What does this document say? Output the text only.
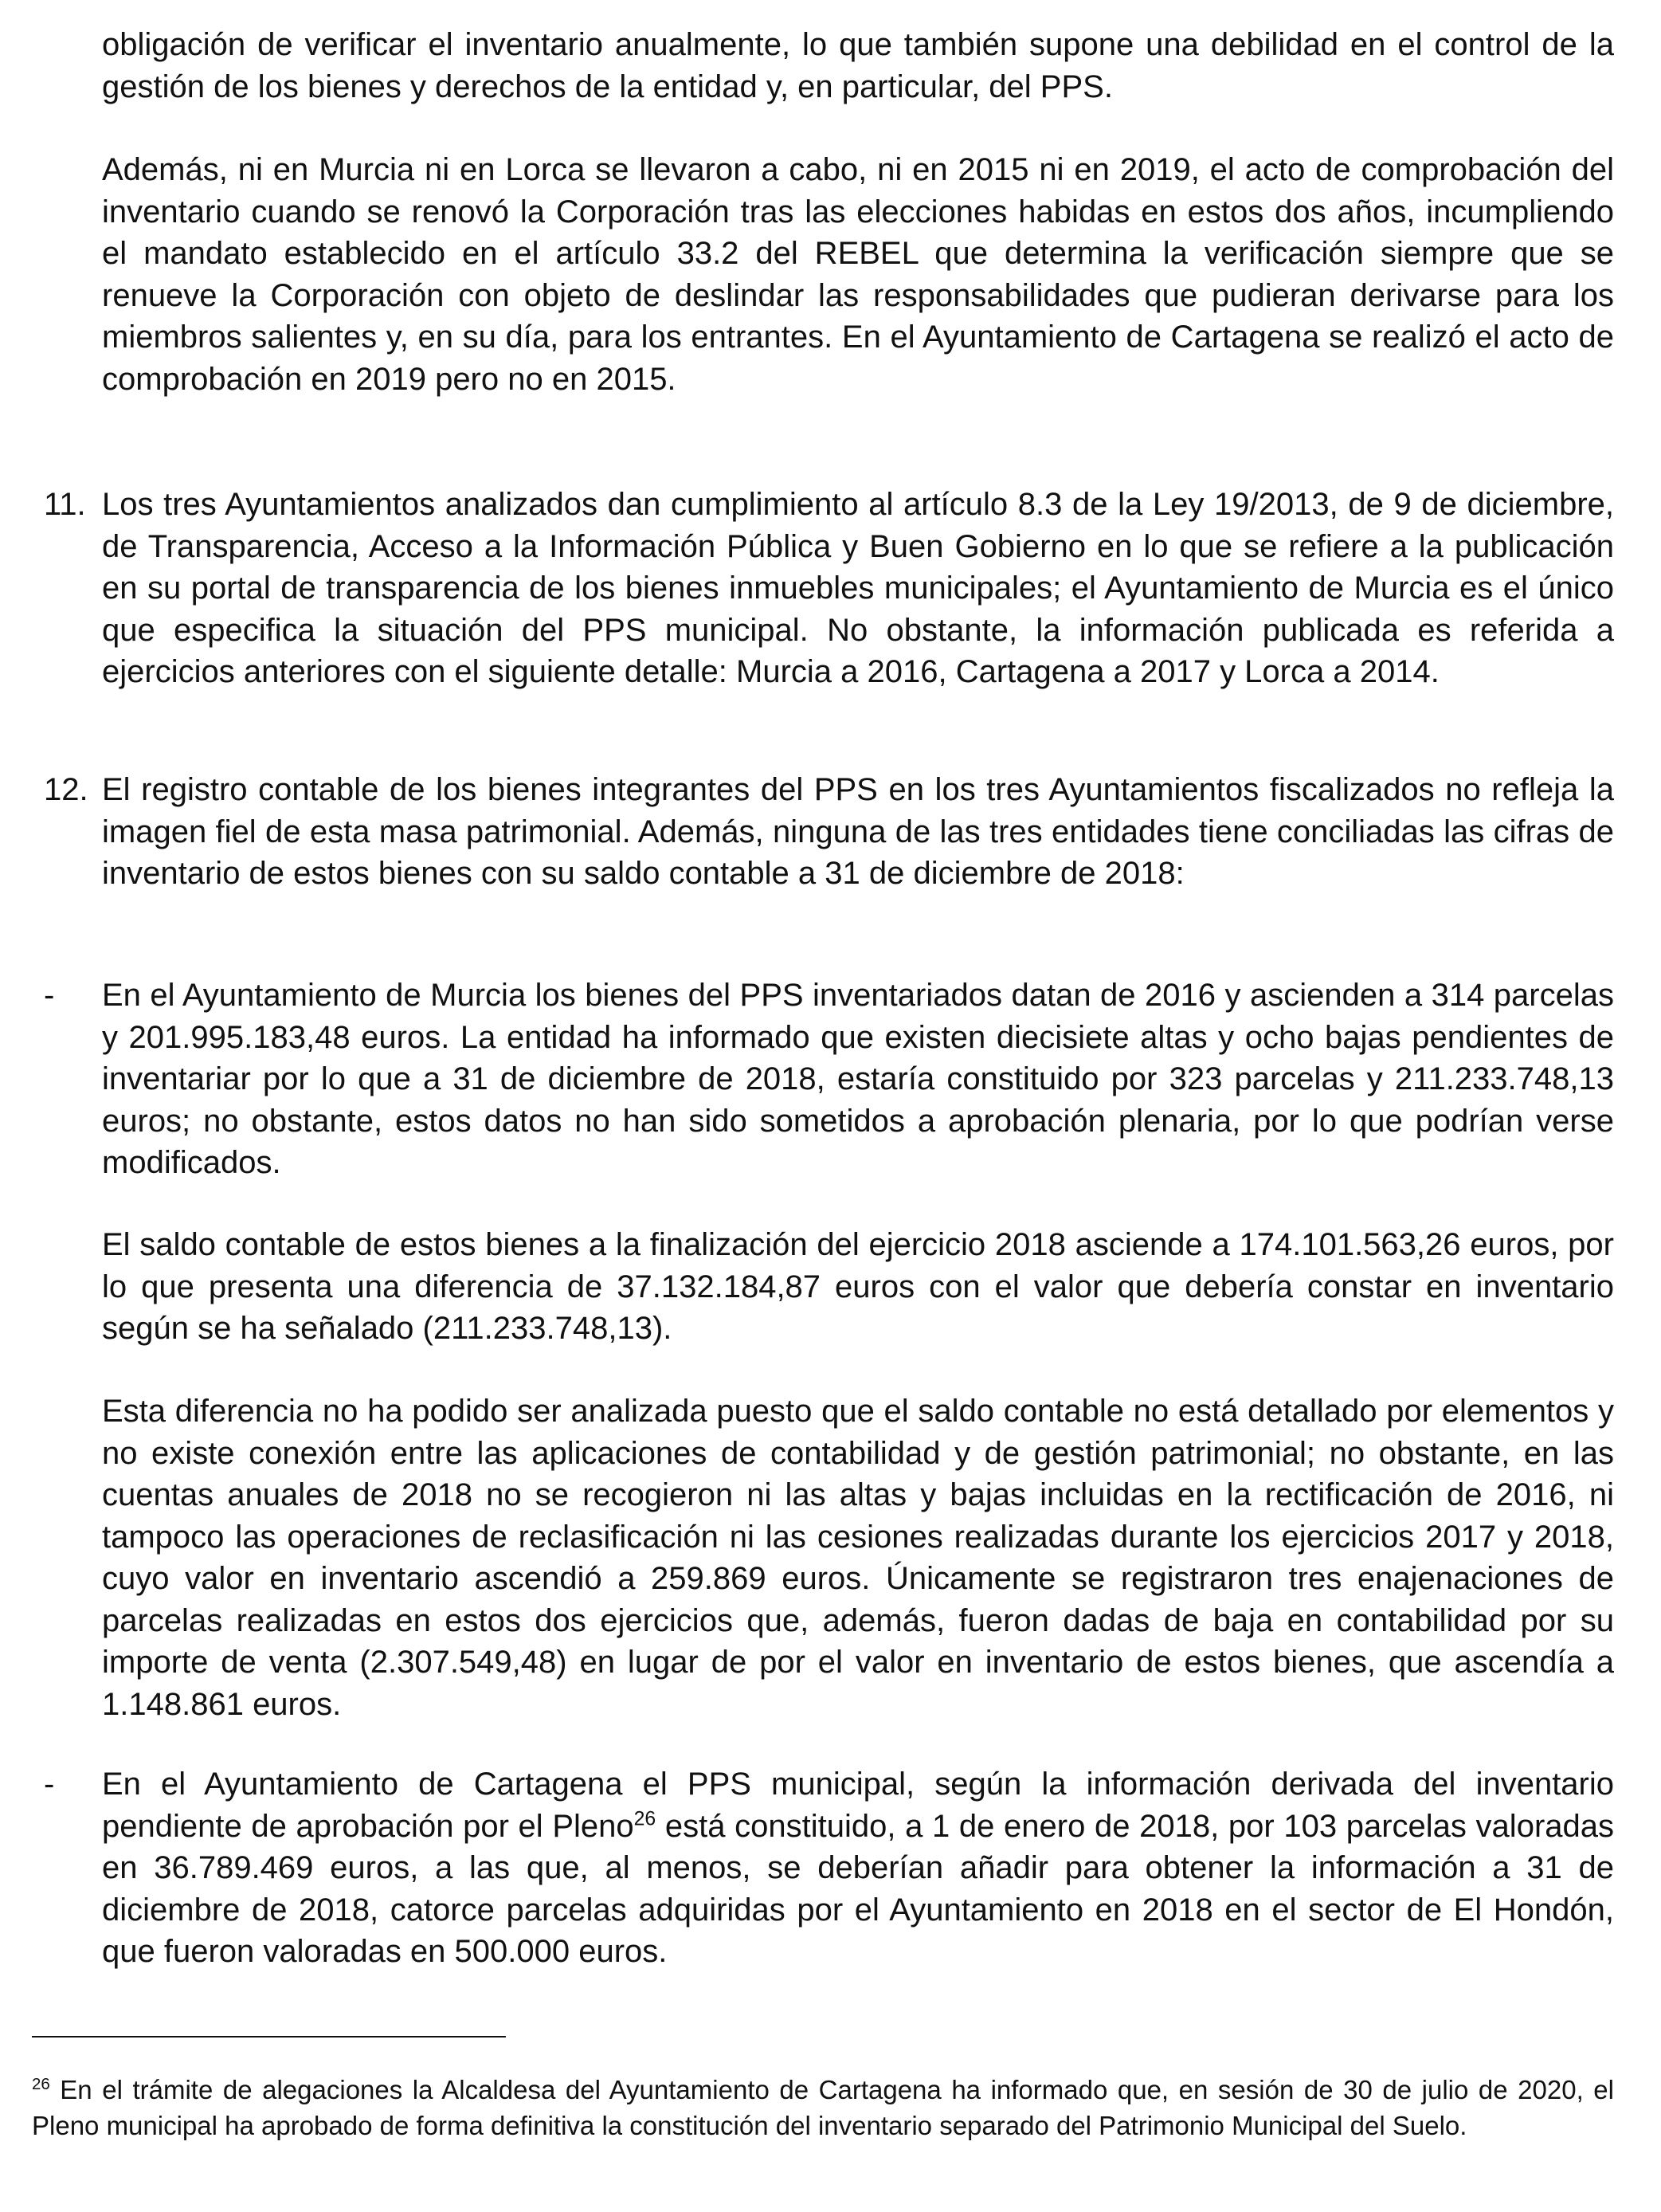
obligación de verificar el inventario anualmente, lo que también supone una debilidad en el control de la gestión de los bienes y derechos de la entidad y, en particular, del PPS.

Además, ni en Murcia ni en Lorca se llevaron a cabo, ni en 2015 ni en 2019, el acto de comprobación del inventario cuando se renovó la Corporación tras las elecciones habidas en estos dos años, incumpliendo el mandato establecido en el artículo 33.2 del REBEL que determina la verificación siempre que se renueve la Corporación con objeto de deslindar las responsabilidades que pudieran derivarse para los miembros salientes y, en su día, para los entrantes. En el Ayuntamiento de Cartagena se realizó el acto de comprobación en 2019 pero no en 2015.

11. Los tres Ayuntamientos analizados dan cumplimiento al artículo 8.3 de la Ley 19/2013, de 9 de diciembre, de Transparencia, Acceso a la Información Pública y Buen Gobierno en lo que se refiere a la publicación en su portal de transparencia de los bienes inmuebles municipales; el Ayuntamiento de Murcia es el único que especifica la situación del PPS municipal. No obstante, la información publicada es referida a ejercicios anteriores con el siguiente detalle: Murcia a 2016, Cartagena a 2017 y Lorca a 2014.

12. El registro contable de los bienes integrantes del PPS en los tres Ayuntamientos fiscalizados no refleja la imagen fiel de esta masa patrimonial. Además, ninguna de las tres entidades tiene conciliadas las cifras de inventario de estos bienes con su saldo contable a 31 de diciembre de 2018:

- En el Ayuntamiento de Murcia los bienes del PPS inventariados datan de 2016 y ascienden a 314 parcelas y 201.995.183,48 euros. La entidad ha informado que existen diecisiete altas y ocho bajas pendientes de inventariar por lo que a 31 de diciembre de 2018, estaría constituido por 323 parcelas y 211.233.748,13 euros; no obstante, estos datos no han sido sometidos a aprobación plenaria, por lo que podrían verse modificados.

El saldo contable de estos bienes a la finalización del ejercicio 2018 asciende a 174.101.563,26 euros, por lo que presenta una diferencia de 37.132.184,87 euros con el valor que debería constar en inventario según se ha señalado (211.233.748,13).

Esta diferencia no ha podido ser analizada puesto que el saldo contable no está detallado por elementos y no existe conexión entre las aplicaciones de contabilidad y de gestión patrimonial; no obstante, en las cuentas anuales de 2018 no se recogieron ni las altas y bajas incluidas en la rectificación de 2016, ni tampoco las operaciones de reclasificación ni las cesiones realizadas durante los ejercicios 2017 y 2018, cuyo valor en inventario ascendió a 259.869 euros. Únicamente se registraron tres enajenaciones de parcelas realizadas en estos dos ejercicios que, además, fueron dadas de baja en contabilidad por su importe de venta (2.307.549,48) en lugar de por el valor en inventario de estos bienes, que ascendía a 1.148.861 euros.

- En el Ayuntamiento de Cartagena el PPS municipal, según la información derivada del inventario pendiente de aprobación por el Pleno$^{26}$ está constituido, a 1 de enero de 2018, por 103 parcelas valoradas en 36.789.469 euros, a las que, al menos, se deberían añadir para obtener la información a 31 de diciembre de 2018, catorce parcelas adquiridas por el Ayuntamiento en 2018 en el sector de El Hondón, que fueron valoradas en 500.000 euros.

$^{26}$ En el trámite de alegaciones la Alcaldesa del Ayuntamiento de Cartagena ha informado que, en sesión de 30 de julio de 2020, el Pleno municipal ha aprobado de forma definitiva la constitución del inventario separado del Patrimonio Municipal del Suelo.
